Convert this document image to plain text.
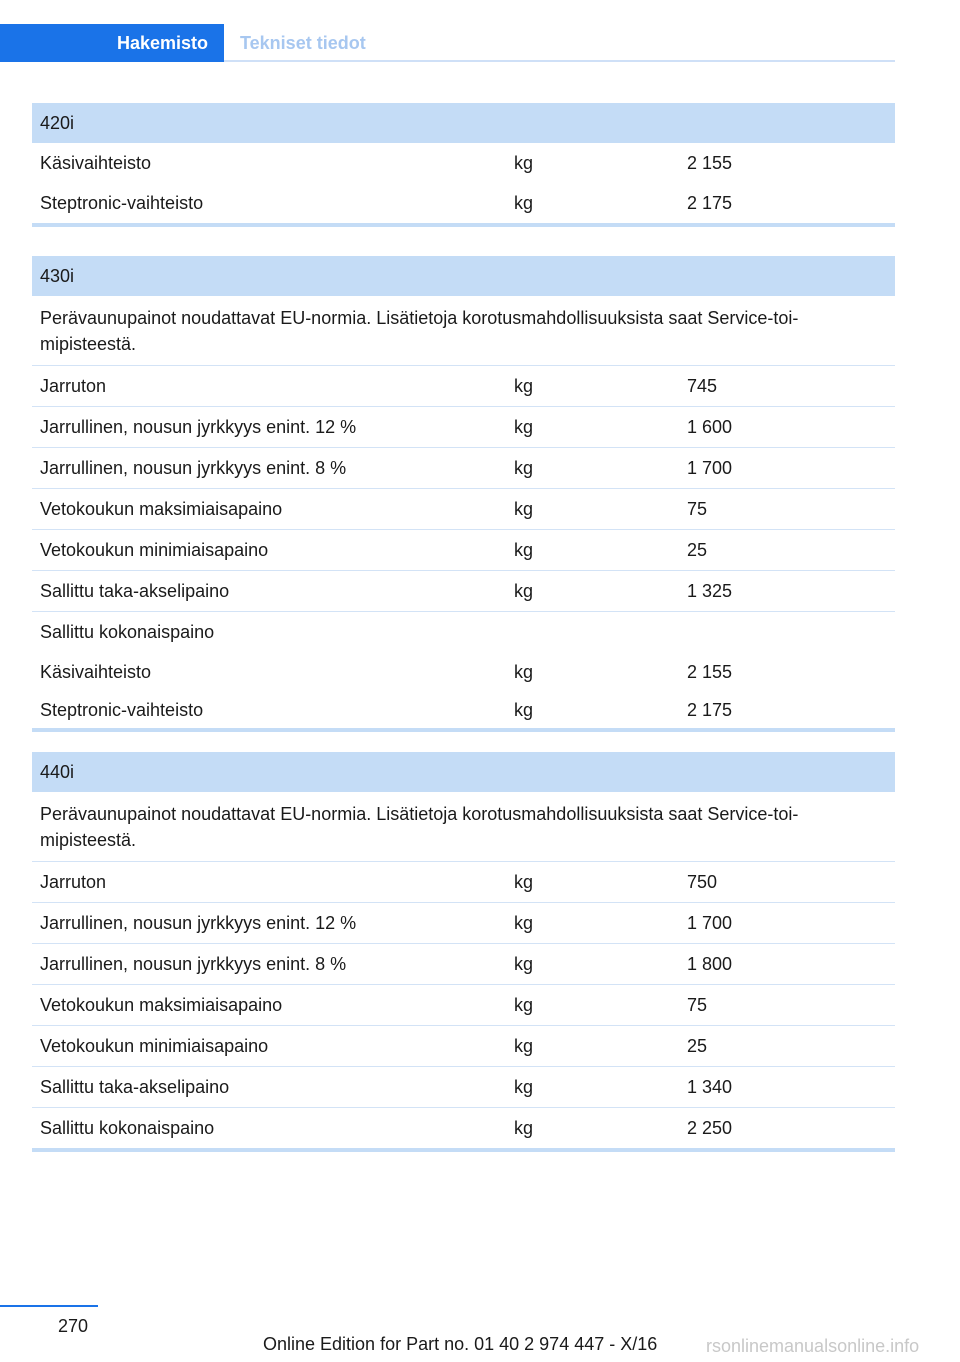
Hakemisto	Tekniset tiedot
420i
Käsivaihteisto	kg	2 155
Steptronic-vaihteisto	kg	2 175
430i
Perävaunupainot noudattavat EU-normia. Lisätietoja korotusmahdollisuuksista saat Service-toi-
mipisteestä.
Jarruton	kg	745
Jarrullinen, nousun jyrkkyys enint. 12 %	kg	1 600
Jarrullinen, nousun jyrkkyys enint. 8 %	kg	1 700
Vetokoukun maksimiaisapaino	kg	75
Vetokoukun minimiaisapaino	kg	25
Sallittu taka-akselipaino	kg	1 325
Sallittu kokonaispaino
Käsivaihteisto	kg	2 155
Steptronic-vaihteisto	kg	2 175
440i
Perävaunupainot noudattavat EU-normia. Lisätietoja korotusmahdollisuuksista saat Service-toi-
mipisteestä.
Jarruton	kg	750
Jarrullinen, nousun jyrkkyys enint. 12 %	kg	1 700
Jarrullinen, nousun jyrkkyys enint. 8 %	kg	1 800
Vetokoukun maksimiaisapaino	kg	75
Vetokoukun minimiaisapaino	kg	25
Sallittu taka-akselipaino	kg	1 340
Sallittu kokonaispaino	kg	2 250
270
Online Edition for Part no. 01 40 2 974 447 - X/16	rsonlinemanualsonline.info
